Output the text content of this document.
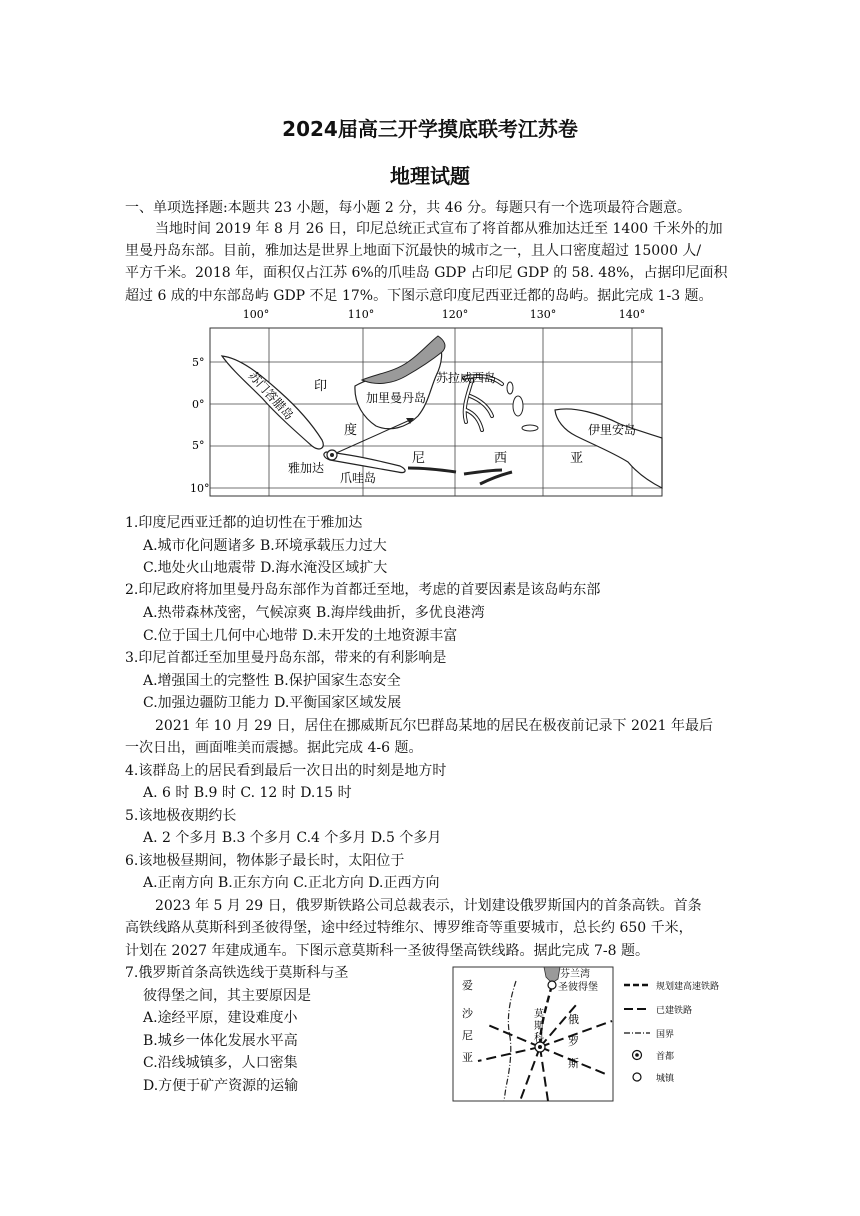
2024届高三开学摸底联考江苏卷
地理试题
一、单项选择题:本题共 23 小题，每小题 2 分，共 46 分。每题只有一个选项最符合题意。
当地时间 2019 年 8 月 26 日，印尼总统正式宣布了将首都从雅加达迁至 1400 千米外的加
里曼丹岛东部。目前，雅加达是世界上地面下沉最快的城市之一，且人口密度超过 15000 人/
平方千米。2018 年，面积仅占江苏 6%的爪哇岛 GDP 占印尼 GDP 的 58. 48%，占据印尼面积
超过 6 成的中东部岛屿 GDP 不足 17%。下图示意印度尼西亚迁都的岛屿。据此完成 1-3 题。
100°	110°	120°	130°	140°
5°
0°
5°
10°
苏门答腊岛	加里曼丹岛
苏拉威西岛
伊里安岛
雅加达
爪哇岛
印
度
尼	西	亚
1.印度尼西亚迁都的迫切性在于雅加达
A.城市化问题诸多 B.环境承载压力过大
C.地处火山地震带 D.海水淹没区域扩大
2.印尼政府将加里曼丹岛东部作为首都迁至地，考虑的首要因素是该岛屿东部
A.热带森林茂密，气候凉爽 B.海岸线曲折，多优良港湾
C.位于国土几何中心地带 D.未开发的土地资源丰富
3.印尼首都迁至加里曼丹岛东部，带来的有利影响是
A.增强国土的完整性 B.保护国家生态安全
C.加强边疆防卫能力 D.平衡国家区域发展
2021 年 10 月 29 日，居住在挪威斯瓦尔巴群岛某地的居民在极夜前记录下 2021 年最后
一次日出，画面唯美而震撼。据此完成 4-6 题。
4.该群岛上的居民看到最后一次日出的时刻是地方时
A. 6 时 B.9 时 C. 12 时 D.15 时
5.该地极夜期约长
A. 2 个多月 B.3 个多月 C.4 个多月 D.5 个多月
6.该地极昼期间，物体影子最长时，太阳位于
A.正南方向 B.正东方向 C.正北方向 D.正西方向
2023 年 5 月 29 日，俄罗斯铁路公司总裁表示，计划建设俄罗斯国内的首条高铁。首条
高铁线路从莫斯科到圣彼得堡，途中经过特维尔、博罗维奇等重要城市，总长约 650 千米，
计划在 2027 年建成通车。下图示意莫斯科一圣彼得堡高铁线路。据此完成 7-8 题。
7.俄罗斯首条高铁选线于莫斯科与圣
彼得堡之间，其主要原因是
A.途经平原，建设难度小
B.城乡一体化发展水平高
C.沿线城镇多，人口密集
D.方便于矿产资源的运输
芬兰湾
圣彼得堡
爱
沙
尼
亚
莫
斯
科
俄
罗
斯
规划建高速铁路
已建铁路
国界
首都
城镇
